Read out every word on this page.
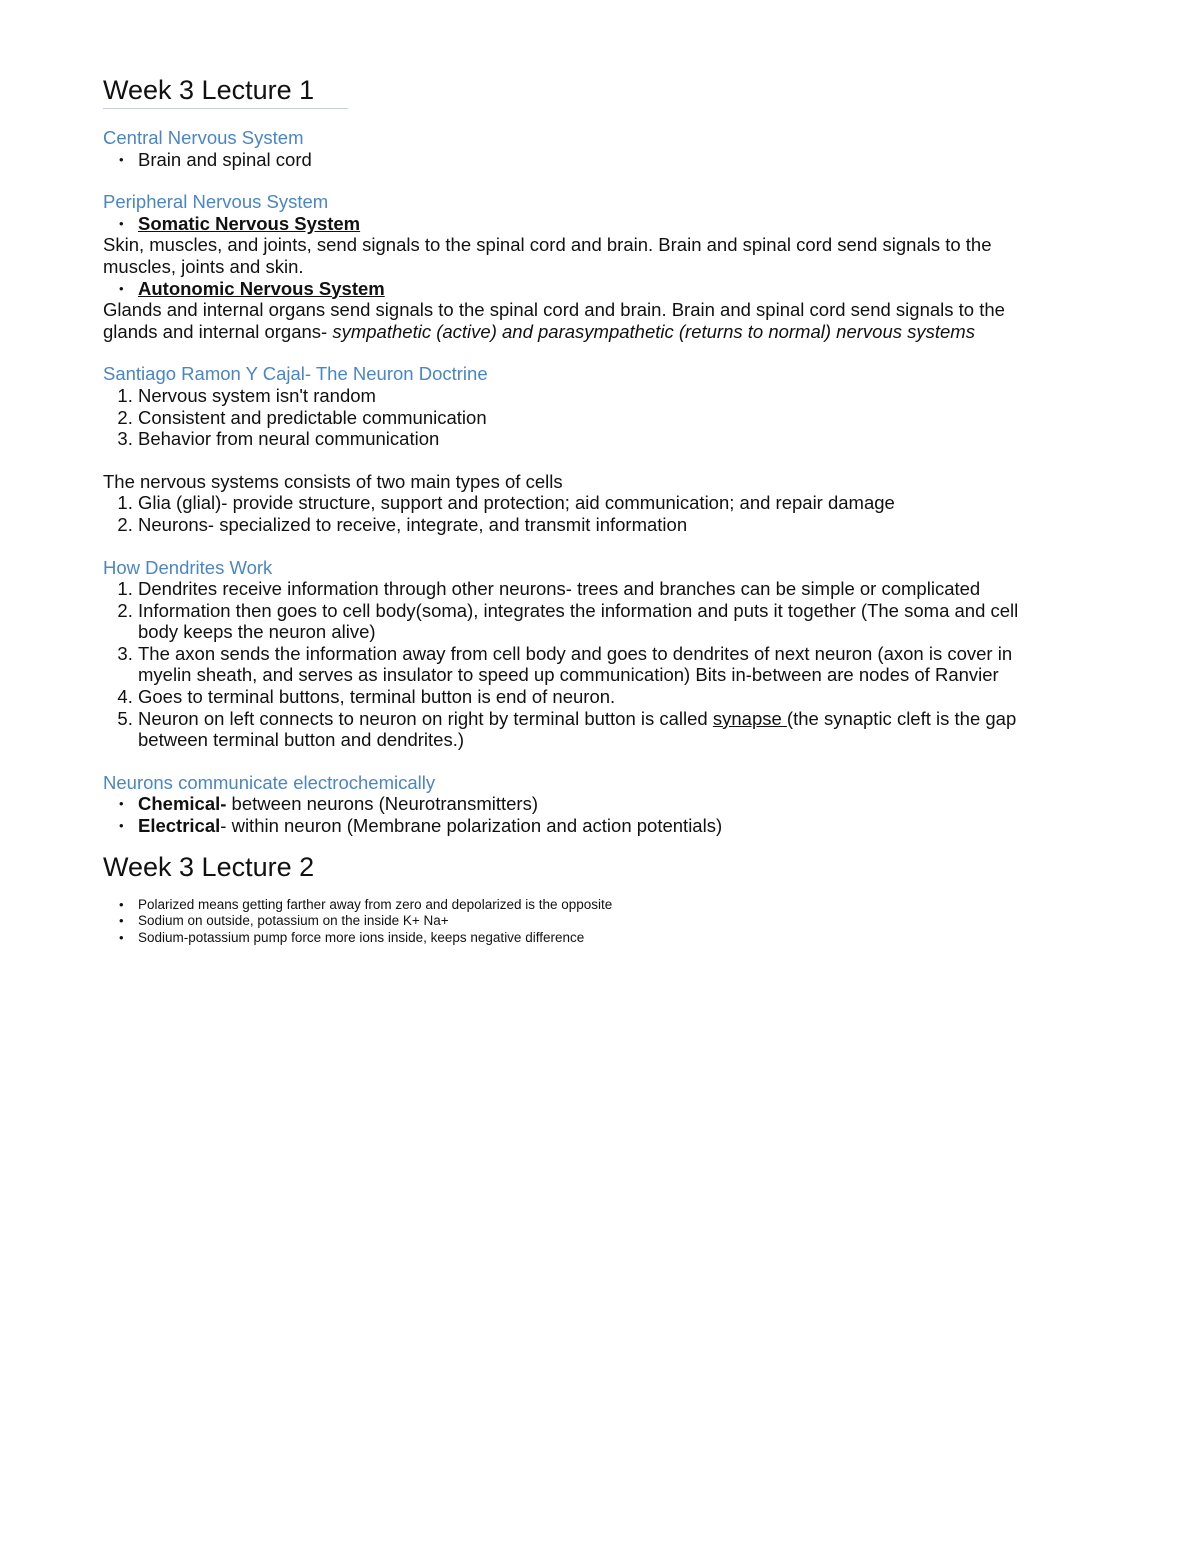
Week 3 Lecture 1

Central Nervous System

• Brain and spinal cord

Peripheral Nervous System

• Somatic Nervous System

Skin, muscles, and joints, send signals to the spinal cord and brain. Brain and spinal cord send signals to the muscles, joints and skin.

• Autonomic Nervous System

Glands and internal organs send signals to the spinal cord and brain. Brain and spinal cord send signals to the glands and internal organs- sympathetic (active) and parasympathetic (returns to normal) nervous systems

Santiago Ramon Y Cajal- The Neuron Doctrine

1. Nervous system isn't random
2. Consistent and predictable communication
3. Behavior from neural communication

The nervous systems consists of two main types of cells

1. Glia (glial)- provide structure, support and protection; aid communication; and repair damage
2. Neurons- specialized to receive, integrate, and transmit information

How Dendrites Work

1. Dendrites receive information through other neurons- trees and branches can be simple or complicated
2. Information then goes to cell body(soma), integrates the information and puts it together (The soma and cell body keeps the neuron alive)
3. The axon sends the information away from cell body and goes to dendrites of next neuron (axon is cover in myelin sheath, and serves as insulator to speed up communication) Bits in-between are nodes of Ranvier
4. Goes to terminal buttons, terminal button is end of neuron.
5. Neuron on left connects to neuron on right by terminal button is called synapse (the synaptic cleft is the gap between terminal button and dendrites.)

Neurons communicate electrochemically

• Chemical- between neurons (Neurotransmitters)
• Electrical- within neuron (Membrane polarization and action potentials)
Week 3 Lecture 2
• Polarized means getting farther away from zero and depolarized is the opposite
• Sodium on outside, potassium on the inside K+ Na+
• Sodium-potassium pump force more ions inside, keeps negative difference
